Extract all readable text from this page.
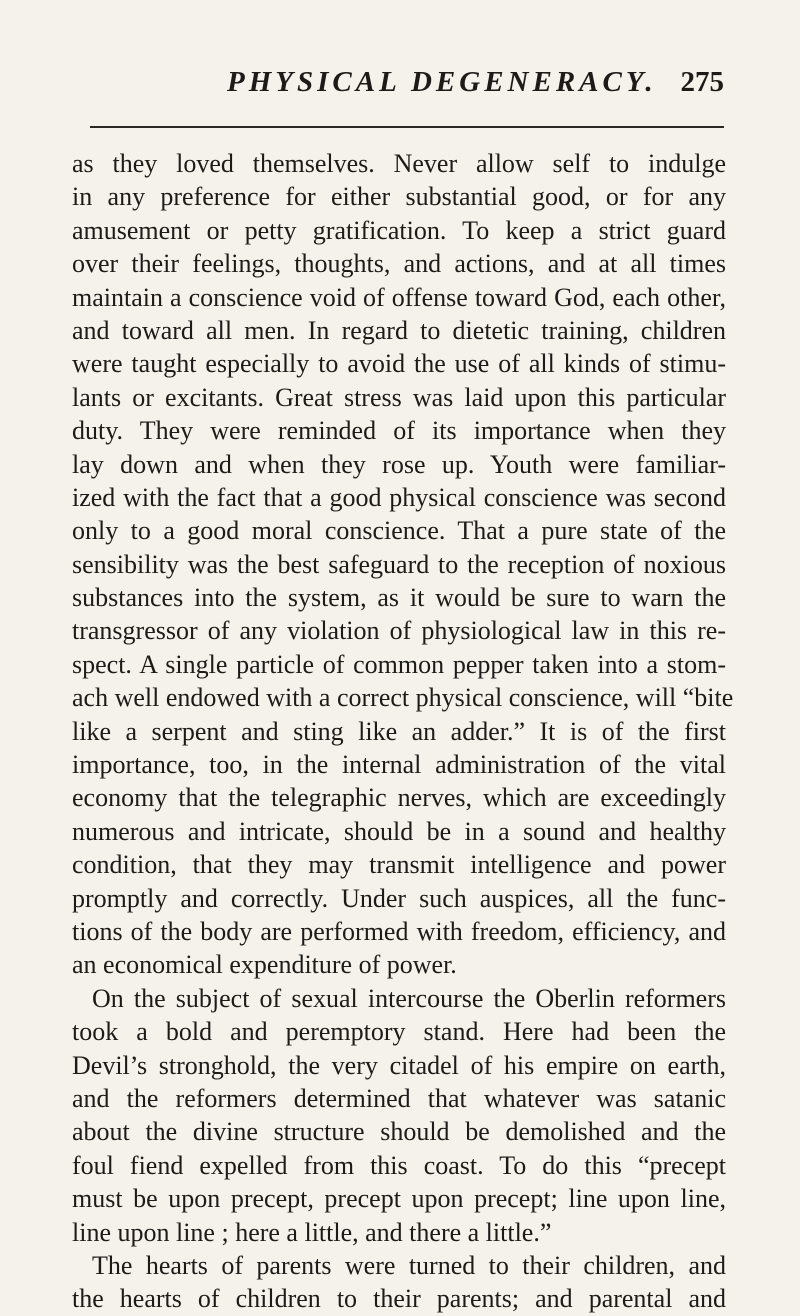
PHYSICAL DEGENERACY. 275
as they loved themselves. Never allow self to indulge
in any preference for either substantial good, or for any
amusement or petty gratification. To keep a strict guard
over their feelings, thoughts, and actions, and at all times
maintain a conscience void of offense toward God, each other,
and toward all men. In regard to dietetic training, children
were taught especially to avoid the use of all kinds of stimu-
lants or excitants. Great stress was laid upon this particular
duty. They were reminded of its importance when they
lay down and when they rose up. Youth were familiar-
ized with the fact that a good physical conscience was second
only to a good moral conscience. That a pure state of the
sensibility was the best safeguard to the reception of noxious
substances into the system, as it would be sure to warn the
transgressor of any violation of physiological law in this re-
spect. A single particle of common pepper taken into a stom-
ach well endowed with a correct physical conscience, will “bite
like a serpent and sting like an adder.” It is of the first
importance, too, in the internal administration of the vital
economy that the telegraphic nerves, which are exceedingly
numerous and intricate, should be in a sound and healthy
condition, that they may transmit intelligence and power
promptly and correctly. Under such auspices, all the func-
tions of the body are performed with freedom, efficiency, and
an economical expenditure of power.
On the subject of sexual intercourse the Oberlin reformers
took a bold and peremptory stand. Here had been the
Devil’s stronghold, the very citadel of his empire on earth,
and the reformers determined that whatever was satanic
about the divine structure should be demolished and the
foul fiend expelled from this coast. To do this “precept
must be upon precept, precept upon precept; line upon line,
line upon line ; here a little, and there a little.”
The hearts of parents were turned to their children, and
the hearts of children to their parents; and parental and
